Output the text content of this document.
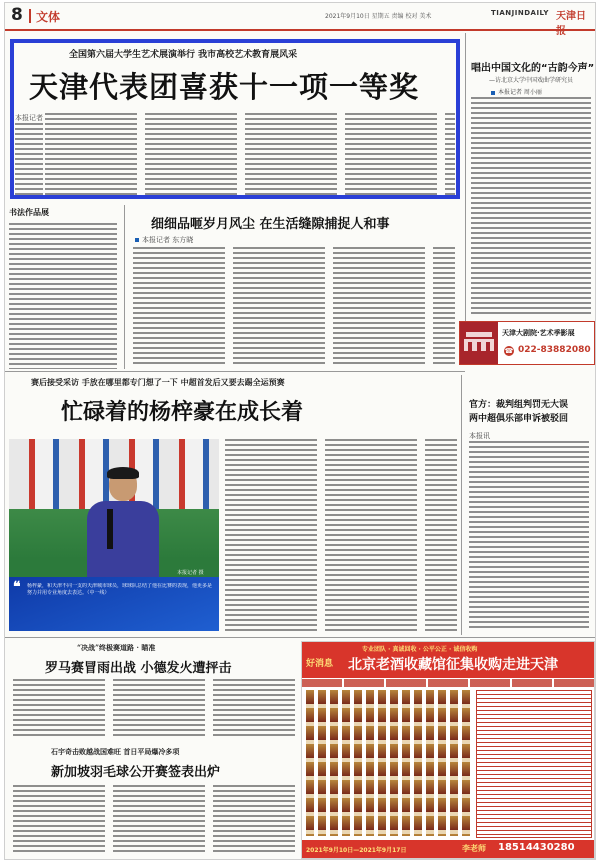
8 文体	2021年9月10日 星期五 责编 校对 美术	TIANJINDAILY 天津日报
全国第六届大学生艺术展演举行 我市高校艺术教育展风采
天津代表团喜获十一项一等奖
本报记者
唱出中国文化的“古韵今声”
—访北京大学中国戏曲学研究员
本报记者 周小丽
书法作品展
细细品咂岁月风尘 在生活缝隙捕捉人和事
本报记者 东方晓
天津大剧院·艺术季影展
☎ 022-83882080
赛后接受采访 手放在哪里都专门想了一下 中超首发后又要去踢全运预赛
忙碌着的杨梓豪在成长着
❝ 杨梓豪，和天津不同一支的天津城市球员，球球队总结了他在比赛的表现，他更多是努力并用专业角度去表达。（中一线）
本报记者 摄
官方：裁判组判罚无大误
两中超俱乐部申诉被驳回
本报讯
“决战”终极赛道路 · 瞄准
罗马赛冒雨出战 小德发火遭抨击
石宇奇击败越战国难旺 首日平局爆冷多项
新加坡羽毛球公开赛签表出炉
专业团队 · 真诚回收 · 公平公正 · 诚信收购
好消息 北京老酒收藏馆征集收购走进天津
2021年9月10日—2021年9月17日	李老师 18514430280
